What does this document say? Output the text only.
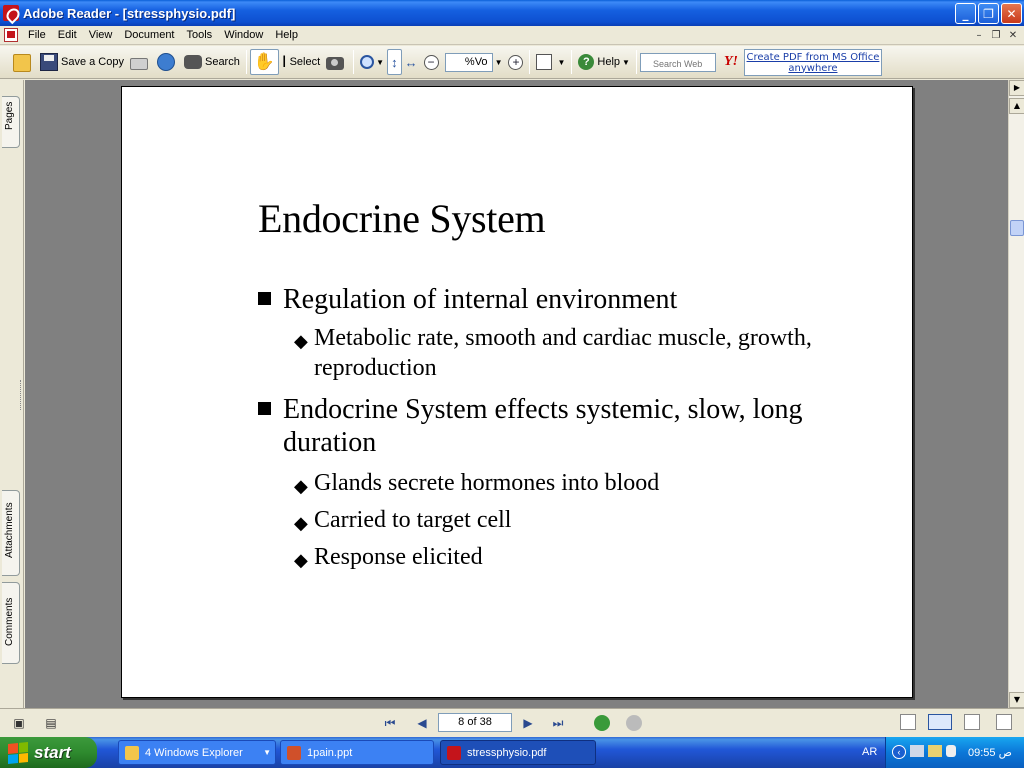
Adobe Reader - [stressphysio.pdf]	_	❐	✕
File	Edit	View	Document	Tools	Window	Help	–	❐ ✕
Save a Copy	Search ✋ Ⅰ Select	▼ ↕ ↔ −	%Vo ▼ +	▼	? Help ▼
Search Web	Y! Create PDF from MS Office anywhere
Pages
Attachments
Comments
Endocrine System
Regulation of internal environment
◆ Metabolic rate, smooth and cardiac muscle, growth, reproduction
Endocrine System effects systemic, slow, long duration
◆ Glands secrete hormones into blood
◆ Carried to target cell
◆ Response elicited
▶
▲
▼
▣ ▤	⏮	◀	8 of 38	▶	⏭
start	4 Windows Explorer	▼	1pain.ppt	stressphysio.pdf	AR	‹	09:55 ص
